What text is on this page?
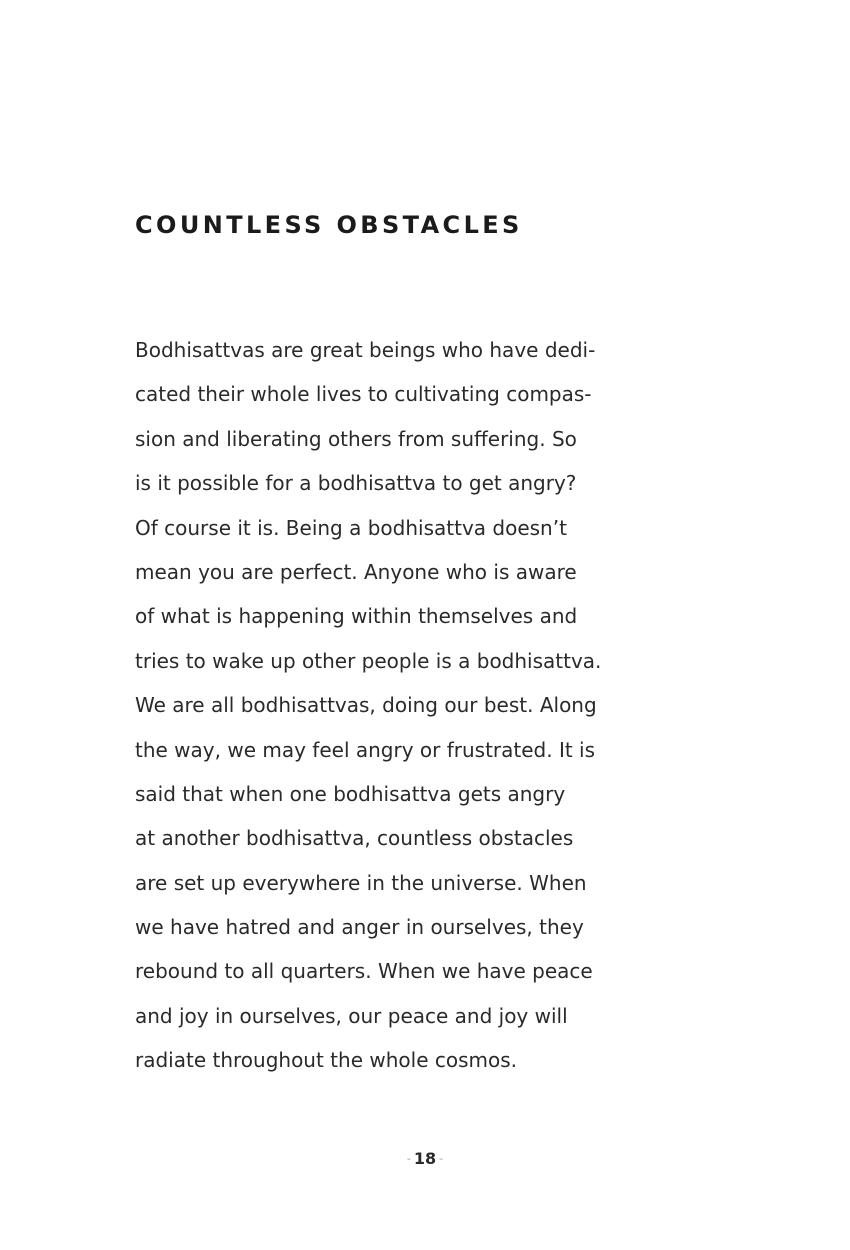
COUNTLESS OBSTACLES
Bodhisattvas are great beings who have dedi-
cated their whole lives to cultivating compas-
sion and liberating others from suffering. So
is it possible for a bodhisattva to get angry?
Of course it is. Being a bodhisattva doesn’t
mean you are perfect. Anyone who is aware
of what is happening within themselves and
tries to wake up other people is a bodhisattva.
We are all bodhisattvas, doing our best. Along
the way, we may feel angry or frustrated. It is
said that when one bodhisattva gets angry
at another bodhisattva, countless obstacles
are set up everywhere in the universe. When
we have hatred and anger in ourselves, they
rebound to all quarters. When we have peace
and joy in ourselves, our peace and joy will
radiate throughout the whole cosmos.
- 18 -
